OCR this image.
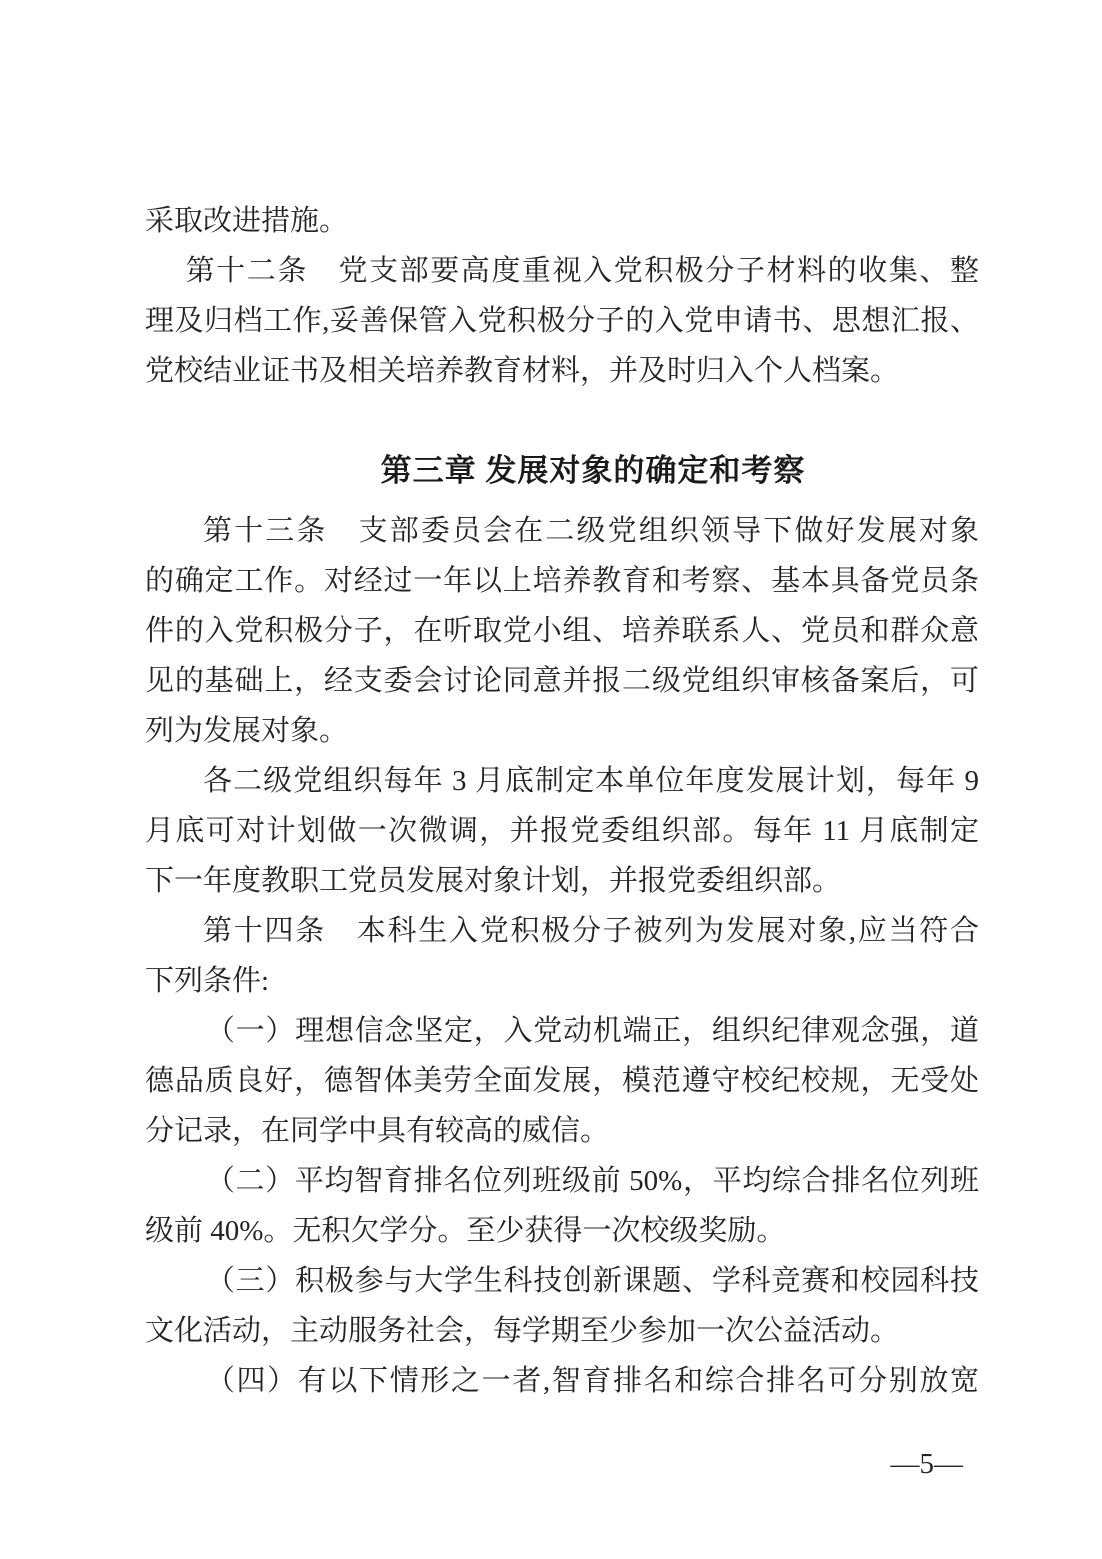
采取改进措施。
第十二条　党支部要高度重视入党积极分子材料的收集、整
理及归档工作,妥善保管入党积极分子的入党申请书、思想汇报、
党校结业证书及相关培养教育材料，并及时归入个人档案。
第三章 发展对象的确定和考察
第十三条　支部委员会在二级党组织领导下做好发展对象
的确定工作。对经过一年以上培养教育和考察、基本具备党员条
件的入党积极分子，在听取党小组、培养联系人、党员和群众意
见的基础上，经支委会讨论同意并报二级党组织审核备案后，可
列为发展对象。
各二级党组织每年 3 月底制定本单位年度发展计划，每年 9
月底可对计划做一次微调，并报党委组织部。每年 11 月底制定
下一年度教职工党员发展对象计划，并报党委组织部。
第十四条　本科生入党积极分子被列为发展对象,应当符合
下列条件:
（一）理想信念坚定，入党动机端正，组织纪律观念强，道
德品质良好，德智体美劳全面发展，模范遵守校纪校规，无受处
分记录，在同学中具有较高的威信。
（二）平均智育排名位列班级前 50%，平均综合排名位列班
级前 40%。无积欠学分。至少获得一次校级奖励。
（三）积极参与大学生科技创新课题、学科竞赛和校园科技
文化活动，主动服务社会，每学期至少参加一次公益活动。
（四）有以下情形之一者,智育排名和综合排名可分别放宽
—5—
